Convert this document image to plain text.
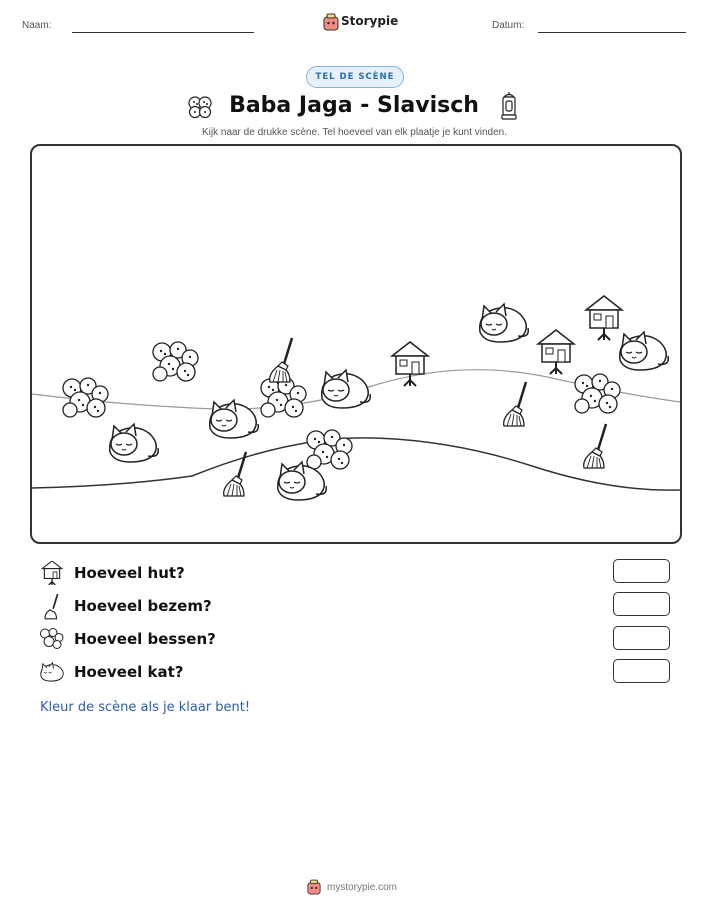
Naam:	Storypie	Datum:
TEL DE SCÈNE
Baba Jaga - Slavisch
Kijk naar de drukke scène. Tel hoeveel van elk plaatje je kunt vinden.
Hoeveel hut?
Hoeveel bezem?
Hoeveel bessen?
Hoeveel kat?
Kleur de scène als je klaar bent!
mystorypie.com
